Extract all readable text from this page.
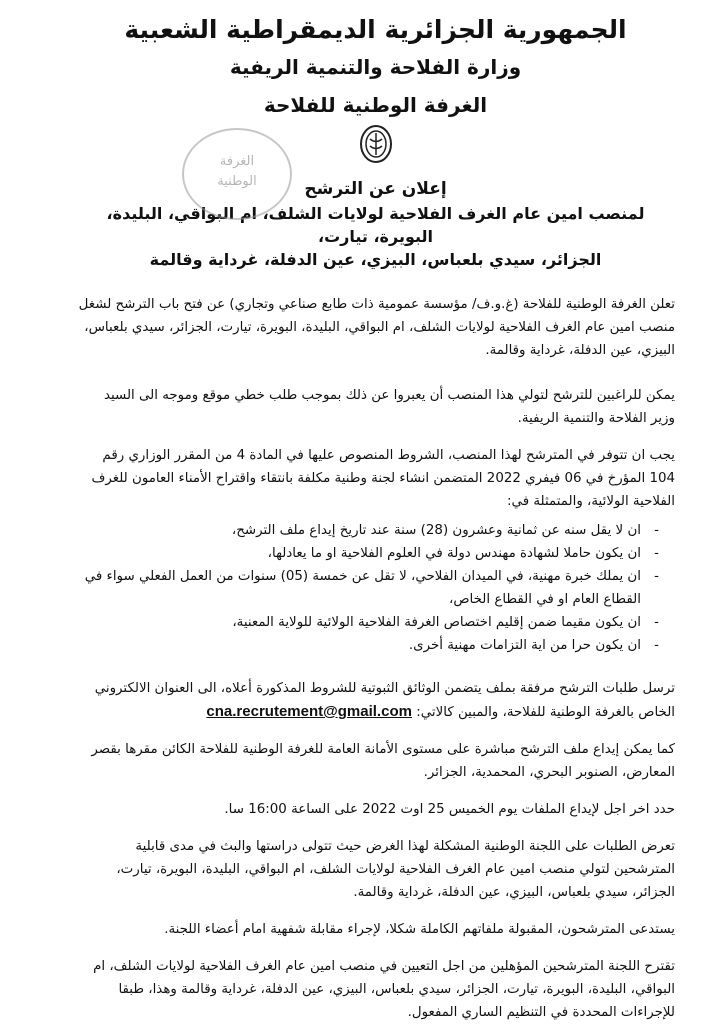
الجمهورية الجزائرية الديمقراطية الشعبية
وزارة الفلاحة والتنمية الريفية
الغرفة الوطنية للفلاحة
الغرفة
الوطنية	إعلان عن الترشح
لمنصب امين عام الغرف الفلاحية لولايات الشلف، ام البواقي، البليدة، البويرة، تيارت،
الجزائر، سيدي بلعباس، البيزي، عين الدفلة، غرداية وقالمة

تعلن الغرفة الوطنية للفلاحة (غ.و.ف/ مؤسسة عمومية ذات طابع صناعي وتجاري) عن فتح باب الترشح لشغل منصب امين عام الغرف الفلاحية لولايات الشلف، ام البواقي، البليدة، البويرة، تيارت، الجزائر، سيدي بلعباس، البيزي، عين الدفلة، غرداية وقالمة.

يمكن للراغبين للترشح لتولي هذا المنصب أن يعبروا عن ذلك بموجب طلب خطي موقع وموجه الى السيد وزير الفلاحة والتنمية الريفية.

يجب ان تتوفر في المترشح لهذا المنصب، الشروط المنصوص عليها في المادة 4 من المقرر الوزاري رقم 104 المؤرخ في 06 فيفري 2022 المتضمن انشاء لجنة وطنية مكلفة بانتقاء واقتراح الأمناء العامون للغرف الفلاحية الولائية، والمتمثلة في:

- ان لا يقل سنه عن ثمانية وعشرون (28) سنة عند تاريخ إيداع ملف الترشح،
- ان يكون حاملا لشهادة مهندس دولة في العلوم الفلاحية او ما يعادلها،
- ان يملك خبرة مهنية، في الميدان الفلاحي، لا تقل عن خمسة (05) سنوات من العمل الفعلي سواء في القطاع العام او في القطاع الخاص،
- ان يكون مقيما ضمن إقليم اختصاص الغرفة الفلاحية الولائية للولاية المعنية،
- ان يكون حرا من اية التزامات مهنية أخرى.

ترسل طلبات الترشح مرفقة بملف يتضمن الوثائق الثبوتية للشروط المذكورة أعلاه، الى العنوان الالكتروني الخاص بالغرفة الوطنية للفلاحة، والمبين كالاتي: cna.recrutement@gmail.com

كما يمكن إيداع ملف الترشح مباشرة على مستوى الأمانة العامة للغرفة الوطنية للفلاحة الكائن مقرها بقصر المعارض، الصنوبر البحري، المحمدية، الجزائر.

حدد اخر اجل لإيداع الملفات يوم الخميس 25 اوت 2022 على الساعة 16:00 سا.

تعرض الطلبات على اللجنة الوطنية المشكلة لهذا الغرض حيث تتولى دراستها والبث في مدى قابلية المترشحين لتولي منصب امين عام الغرف الفلاحية لولايات الشلف، ام البواقي، البليدة، البويرة، تيارت، الجزائر، سيدي بلعباس، البيزي، عين الدفلة، غرداية وقالمة.

يستدعى المترشحون، المقبولة ملفاتهم الكاملة شكلا، لإجراء مقابلة شفهية امام أعضاء اللجنة.

تقترح اللجنة المترشحين المؤهلين من اجل التعيين في منصب امين عام الغرف الفلاحية لولايات الشلف، ام البواقي، البليدة، البويرة، تيارت، الجزائر، سيدي بلعباس، البيزي، عين الدفلة، غرداية وقالمة وهذا، طبقا للإجراءات المحددة في التنظيم الساري المفعول.
